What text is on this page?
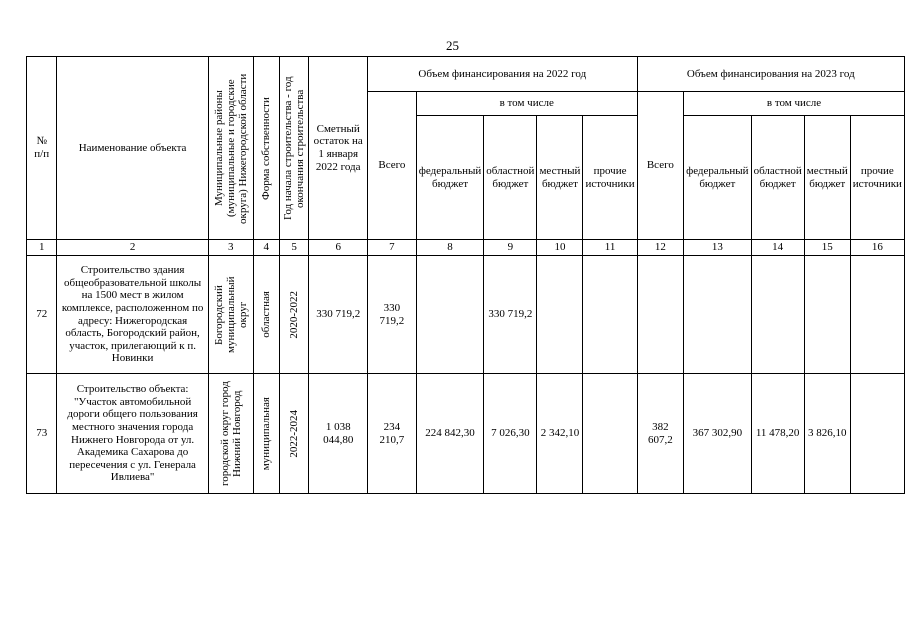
25
№
п/п	Наименование объекта	Муниципальные районы (муниципальные и городские округа) Нижегородской области	Форма собственности	Год начала строительства - год окончания строительства	Сметный остаток на 1 января 2022 года	Объем финансирования на 2022 год					Объем финансирования на 2023 год				
						Всего	в том числе				Всего	в том числе			
							федеральный бюджет	областной бюджет	местный бюджет	прочие источники		федеральный бюджет	областной бюджет	местный бюджет	прочие источники
1	2	3	4	5	6	7	8	9	10	11	12	13	14	15	16
72	Строительство здания общеобразовательной школы на 1500 мест в жилом комплексе, расположенном по адресу: Нижегородская область, Богородский район, участок, прилегающий к п. Новинки	Богородский муниципальный округ	областная	2020-2022	330 719,2	330 719,2		330 719,2							
73	Строительство объекта: "Участок автомобильной дороги общего пользования местного значения города Нижнего Новгорода от ул. Академика Сахарова до пересечения с ул. Генерала Ивлиева"	городской округ город Нижний Новгород	муниципальная	2022-2024	1 038 044,80	234 210,7	224 842,30	7 026,30	2 342,10		382 607,2	367 302,90	11 478,20	3 826,10	
